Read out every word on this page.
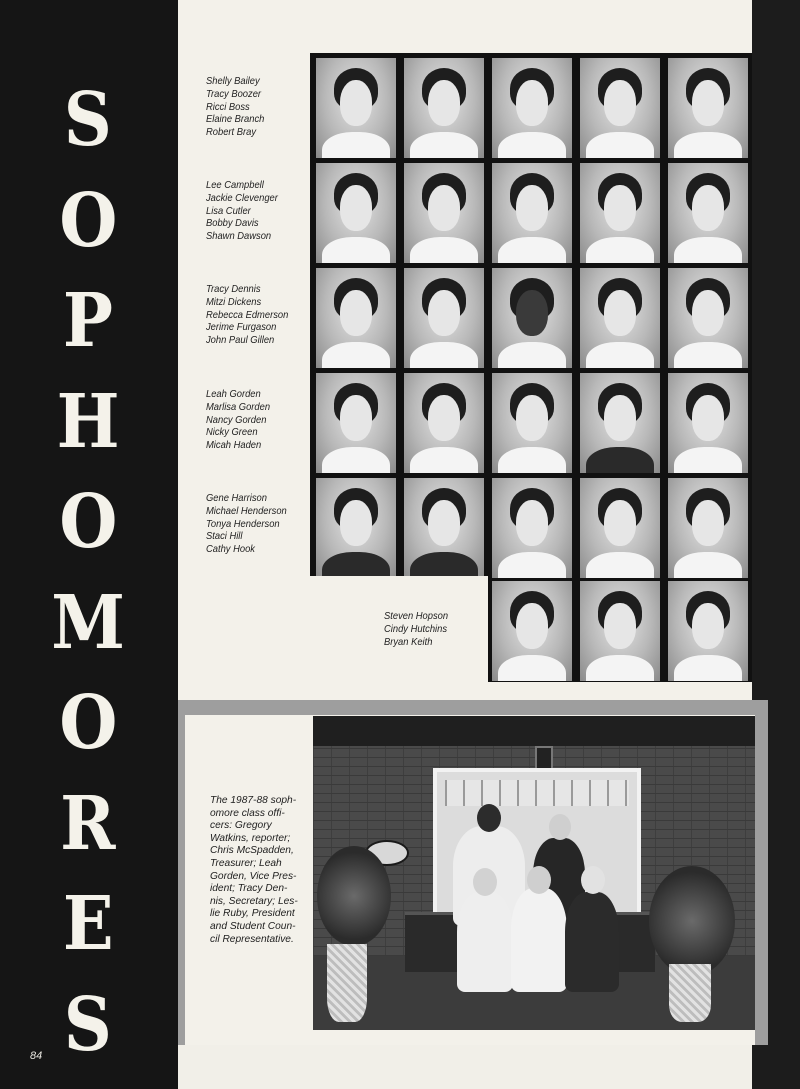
S
O
P
H
O
M
O
R
E
S
84
Shelly Bailey
Tracy Boozer
Ricci Boss
Elaine Branch
Robert Bray
Lee Campbell
Jackie Clevenger
Lisa Cutler
Bobby Davis
Shawn Dawson
Tracy Dennis
Mitzi Dickens
Rebecca Edmerson
Jerime Furgason
John Paul Gillen
Leah Gorden
Marlisa Gorden
Nancy Gorden
Nicky Green
Micah Haden
Gene Harrison
Michael Henderson
Tonya Henderson
Staci Hill
Cathy Hook
Steven Hopson
Cindy Hutchins
Bryan Keith
The 1987-88 soph-
omore class offi-
cers: Gregory
Watkins, reporter;
Chris McSpadden,
Treasurer; Leah
Gorden, Vice Pres-
ident; Tracy Den-
nis, Secretary; Les-
lie Ruby, President
and Student Coun-
cil Representative.
